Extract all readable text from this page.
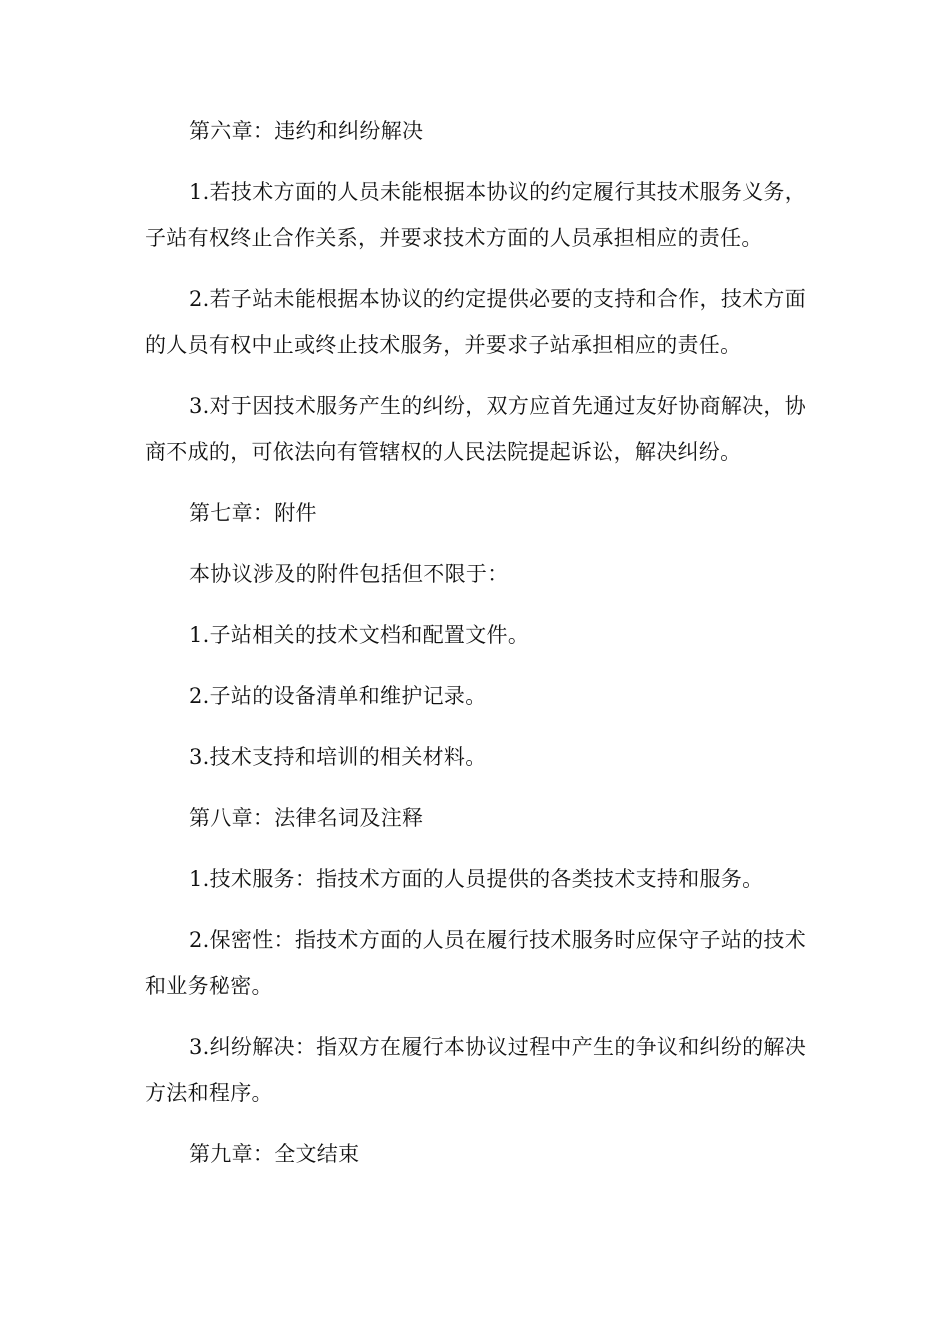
第六章：违约和纠纷解决

1.若技术方面的人员未能根据本协议的约定履行其技术服务义务，子站有权终止合作关系，并要求技术方面的人员承担相应的责任。

2.若子站未能根据本协议的约定提供必要的支持和合作，技术方面的人员有权中止或终止技术服务，并要求子站承担相应的责任。

3.对于因技术服务产生的纠纷，双方应首先通过友好协商解决，协商不成的，可依法向有管辖权的人民法院提起诉讼，解决纠纷。

第七章：附件

本协议涉及的附件包括但不限于：

1.子站相关的技术文档和配置文件。

2.子站的设备清单和维护记录。

3.技术支持和培训的相关材料。

第八章：法律名词及注释

1.技术服务：指技术方面的人员提供的各类技术支持和服务。

2.保密性：指技术方面的人员在履行技术服务时应保守子站的技术和业务秘密。

3.纠纷解决：指双方在履行本协议过程中产生的争议和纠纷的解决方法和程序。

第九章：全文结束
